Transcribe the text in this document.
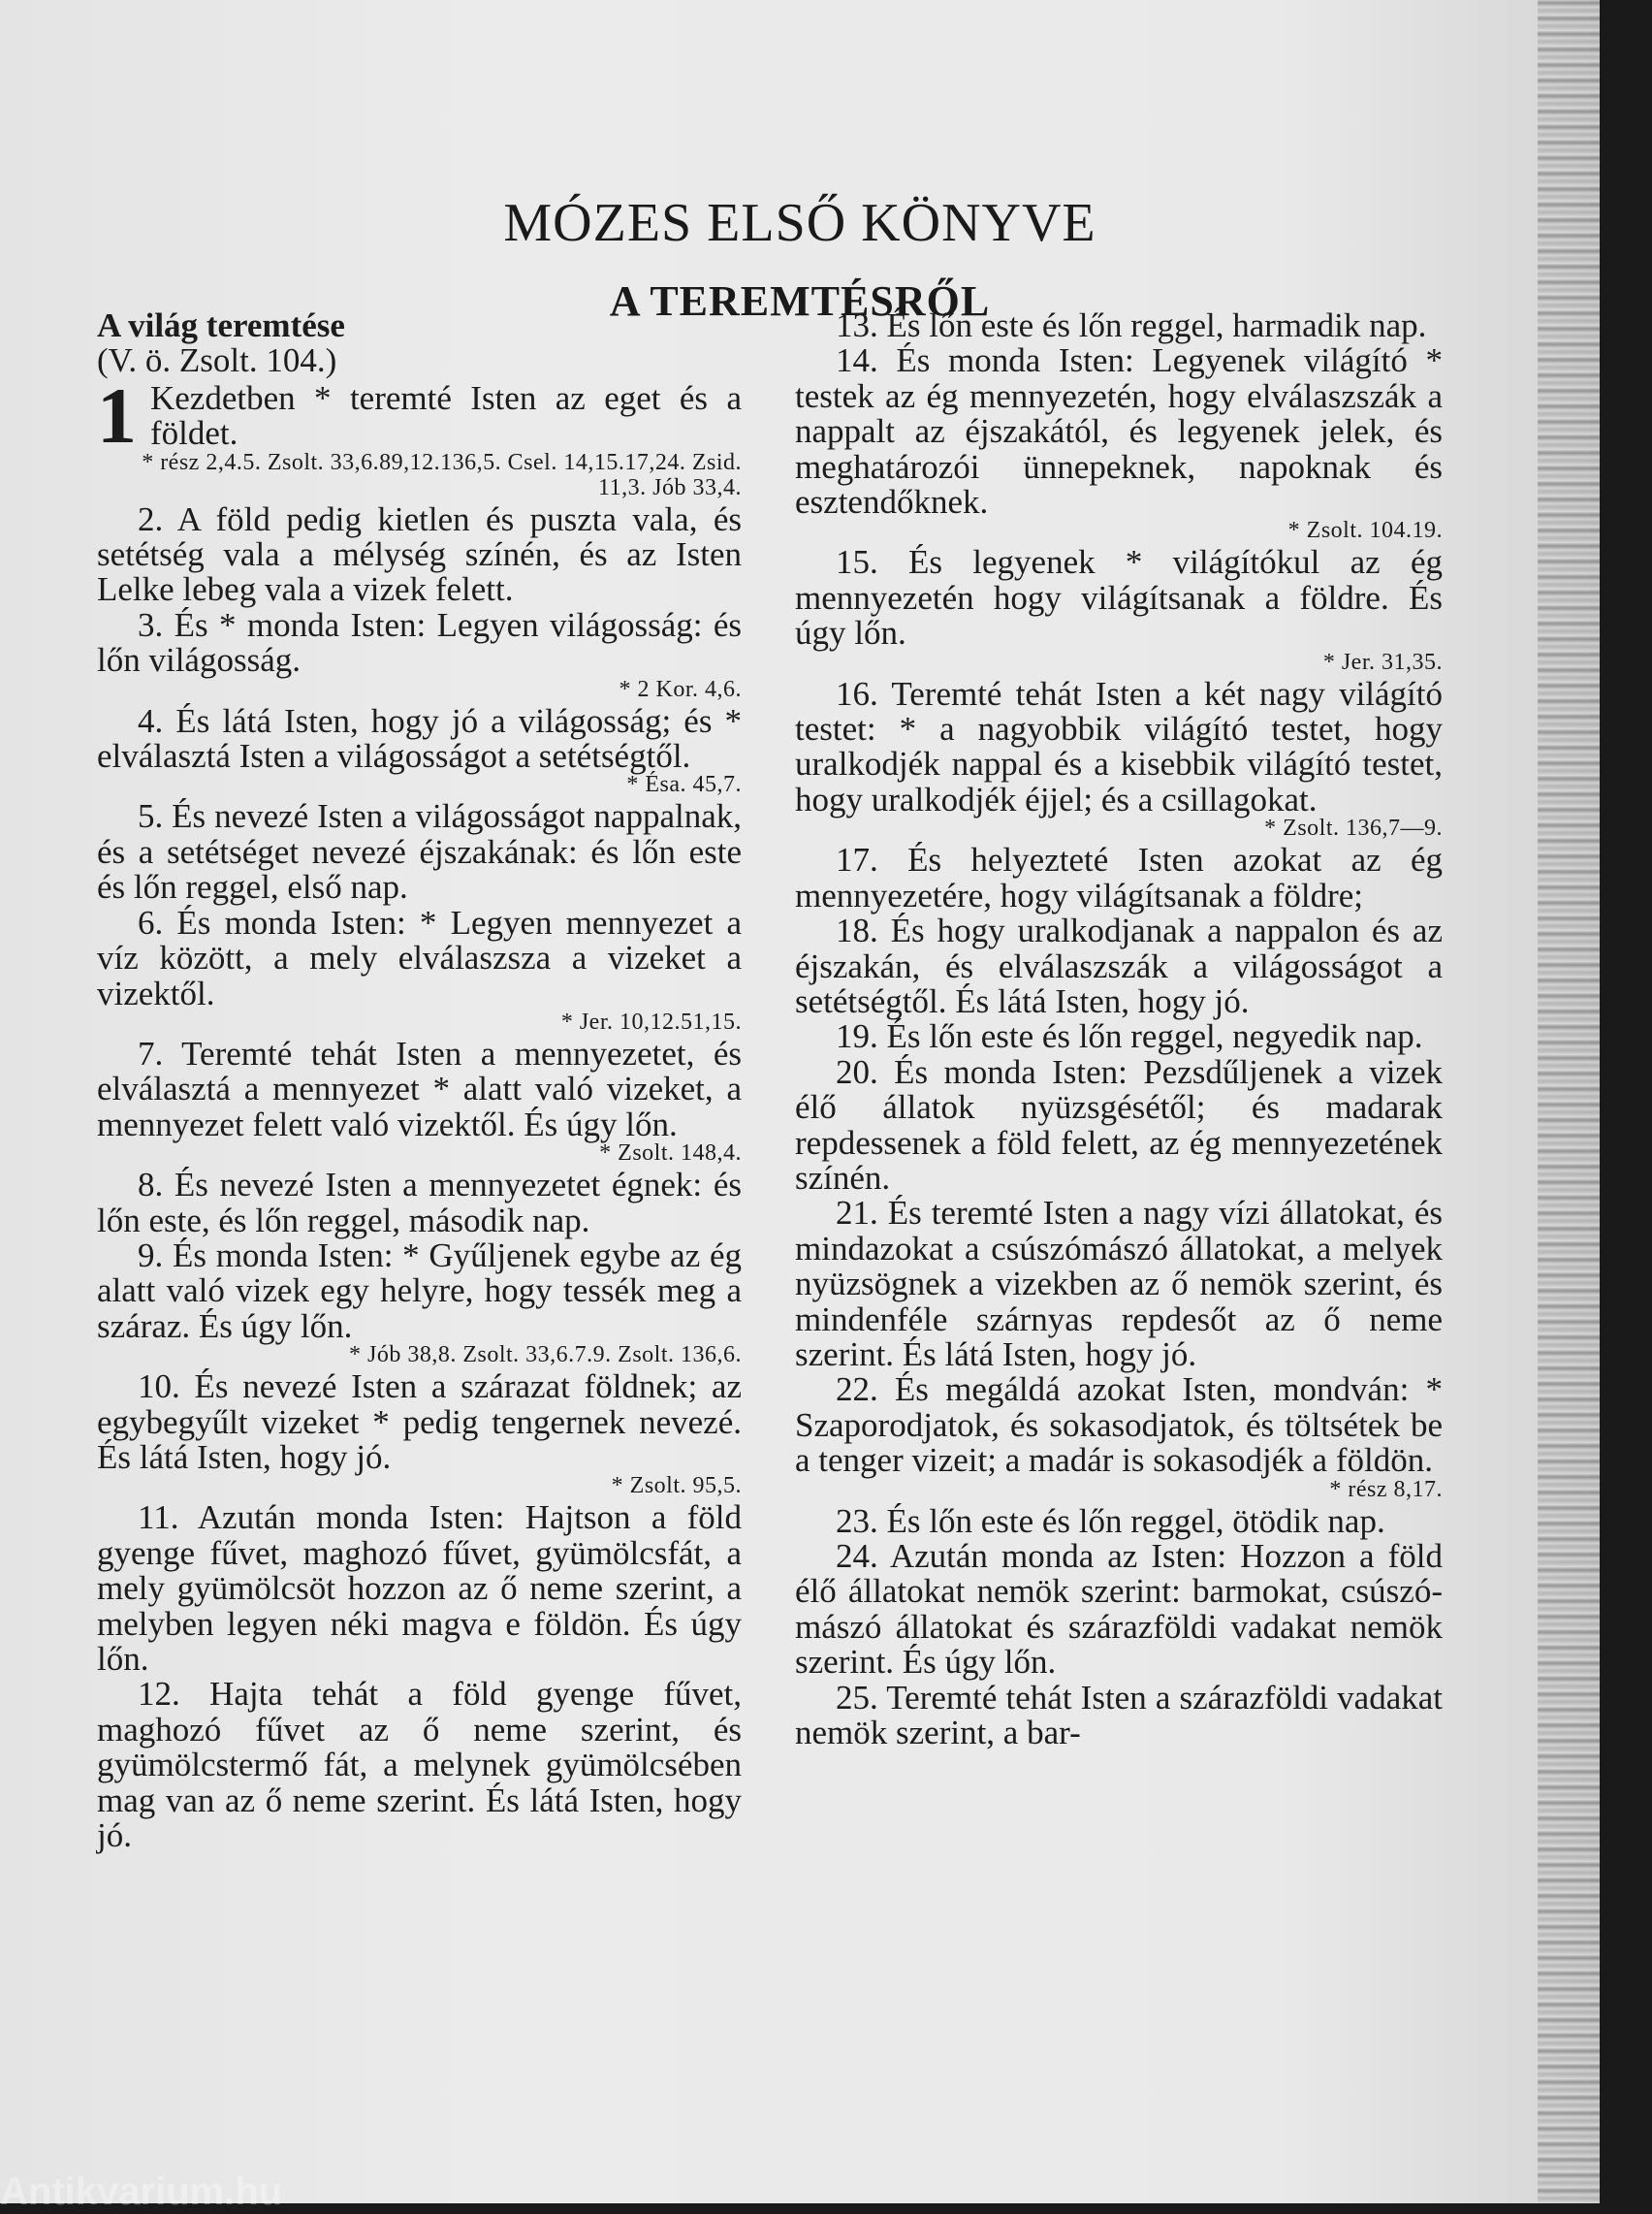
MÓZES ELSŐ KÖNYVE
A TEREMTÉSRŐL

A világ teremtése

(V. ö. Zsolt. 104.)

1 Kezdetben * teremté Isten az eget és a földet.

* rész 2,4.5. Zsolt. 33,6.89,12.136,5. Csel. 14,15.17,24. Zsid. 11,3. Jób 33,4.

2. A föld pedig kietlen és puszta vala, és setétség vala a mélység színén, és az Isten Lelke lebeg vala a vizek felett.

3. És * monda Isten: Legyen világosság: és lőn világosság.

* 2 Kor. 4,6.

4. És látá Isten, hogy jó a világosság; és * elválasztá Isten a világosságot a setétségtől.

* Ésa. 45,7.

5. És nevezé Isten a világosságot nappalnak, és a setétséget nevezé éjszakának: és lőn este és lőn reggel, első nap.

6. És monda Isten: * Legyen mennyezet a víz között, a mely elválaszsza a vizeket a vizektől.

* Jer. 10,12.51,15.

7. Teremté tehát Isten a mennyezetet, és elválasztá a mennyezet * alatt való vizeket, a mennyezet felett való vizektől. És úgy lőn.

* Zsolt. 148,4.

8. És nevezé Isten a mennyezetet égnek: és lőn este, és lőn reggel, második nap.

9. És monda Isten: * Gyűljenek egybe az ég alatt való vizek egy helyre, hogy tessék meg a száraz. És úgy lőn.

* Jób 38,8. Zsolt. 33,6.7.9. Zsolt. 136,6.

10. És nevezé Isten a szárazat földnek; az egybegyűlt vizeket * pedig tengernek nevezé. És látá Isten, hogy jó.

* Zsolt. 95,5.

11. Azután monda Isten: Hajtson a föld gyenge fűvet, maghozó fűvet, gyümölcsfát, a mely gyümölcsöt hozzon az ő neme szerint, a melyben legyen néki magva e földön. És úgy lőn.

12. Hajta tehát a föld gyenge fűvet, maghozó fűvet az ő neme szerint, és gyümölcstermő fát, a melynek gyümölcsében mag van az ő neme szerint. És látá Isten, hogy jó.

13. És lőn este és lőn reggel, harmadik nap.

14. És monda Isten: Legyenek világító * testek az ég mennyezetén, hogy elválaszszák a nappalt az éjszakától, és legyenek jelek, és meghatározói ünnepeknek, napoknak és esztendőknek.

* Zsolt. 104.19.

15. És legyenek * világítókul az ég mennyezetén hogy világítsanak a földre. És úgy lőn.

* Jer. 31,35.

16. Teremté tehát Isten a két nagy világító testet: * a nagyobbik világító testet, hogy uralkodjék nappal és a kisebbik világító testet, hogy uralkodjék éjjel; és a csillagokat.

* Zsolt. 136,7—9.

17. És helyezteté Isten azokat az ég mennyezetére, hogy világítsanak a földre;

18. És hogy uralkodjanak a nappalon és az éjszakán, és elválaszszák a világosságot a setétségtől. És látá Isten, hogy jó.

19. És lőn este és lőn reggel, negyedik nap.

20. És monda Isten: Pezsdűljenek a vizek élő állatok nyüzsgésétől; és madarak repdessenek a föld felett, az ég mennyezetének színén.

21. És teremté Isten a nagy vízi állatokat, és mindazokat a csúszómászó állatokat, a melyek nyüzsögnek a vizekben az ő nemök szerint, és mindenféle szárnyas repdesőt az ő neme szerint. És látá Isten, hogy jó.

22. És megáldá azokat Isten, mondván: * Szaporodjatok, és sokasodjatok, és töltsétek be a tenger vizeit; a madár is sokasodjék a földön.

* rész 8,17.

23. És lőn este és lőn reggel, ötödik nap.

24. Azután monda az Isten: Hozzon a föld élő állatokat nemök szerint: barmokat, csúszó-mászó állatokat és szárazföldi vadakat nemök szerint. És úgy lőn.

25. Teremté tehát Isten a szárazföldi vadakat nemök szerint, a bar-

Antikvarium.hu
